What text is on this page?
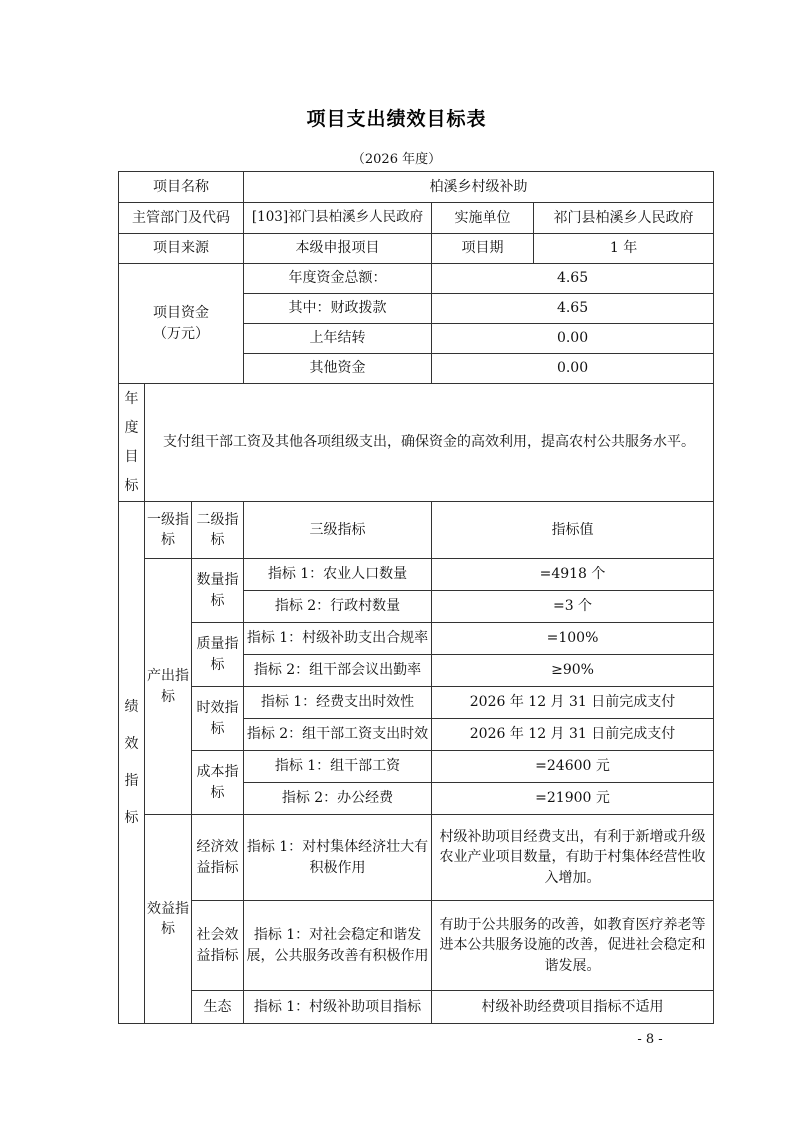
项目支出绩效目标表
（2026 年度）
项目名称			柏溪乡村级补助		
主管部门及代码			[103]祁门县柏溪乡人民政府	实施单位	祁门县柏溪乡人民政府
项目来源			本级申报项目	项目期	1 年
项目资金
（万元）			年度资金总额：	4.65	
			其中：财政拨款	4.65	
			上年结转	0.00	
			其他资金	0.00	
年度目标	支付组干部工资及其他各项组级支出，确保资金的高效利用，提高农村公共服务水平。				
绩效指标	一级指标	二级指标	三级指标	指标值	
	产出指标	数量指标	指标 1：农业人口数量	=4918 个	
			指标 2：行政村数量	=3 个	
		质量指标	指标 1：村级补助支出合规率	=100%	
			指标 2：组干部会议出勤率	≥90%	
		时效指标	指标 1：经费支出时效性	2026 年 12 月 31 日前完成支付	
			指标 2：组干部工资支出时效	2026 年 12 月 31 日前完成支付	
		成本指标	指标 1：组干部工资	=24600 元	
			指标 2：办公经费	=21900 元	
	效益指标	经济效益指标	指标 1：对村集体经济壮大有积极作用	村级补助项目经费支出，有利于新增或升级农业产业项目数量，有助于村集体经营性收入增加。	
		社会效益指标	指标 1：对社会稳定和谐发展，公共服务改善有积极作用	有助于公共服务的改善，如教育医疗养老等进本公共服务设施的改善，促进社会稳定和谐发展。	
		生态	指标 1：村级补助项目指标	村级补助经费项目指标不适用	
- 8 -
